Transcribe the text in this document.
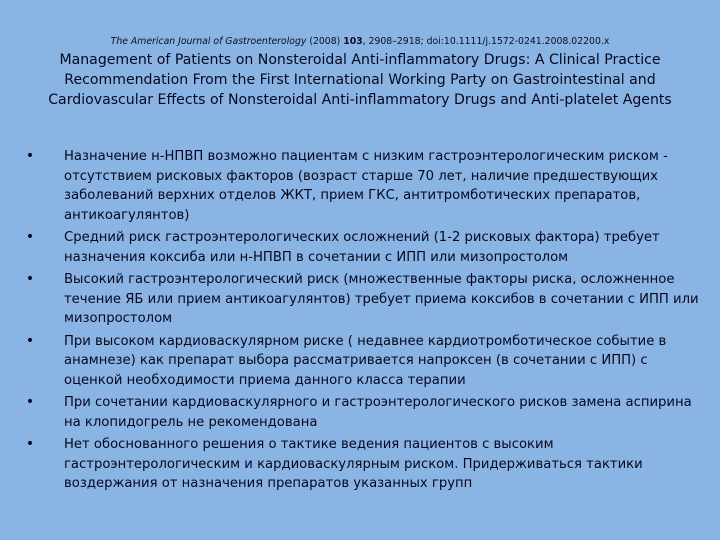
The American Journal of Gastroenterology (2008) 103, 2908–2918; doi:10.1111/j.1572-0241.2008.02200.x
Management of Patients on Nonsteroidal Anti-inflammatory Drugs: A Clinical Practice Recommendation From the First International Working Party on Gastrointestinal and Cardiovascular Effects of Nonsteroidal Anti-inflammatory Drugs and Anti-platelet Agents
• Назначение н-НПВП возможно пациентам с низким гастроэнтерологическим риском - отсутствием рисковых факторов (возраст старше 70 лет, наличие предшествующих заболеваний верхних отделов ЖКТ, прием ГКС, антитромботических препаратов, антикоагулянтов)
• Средний риск гастроэнтерологических осложнений (1-2 рисковых фактора) требует назначения коксиба или н-НПВП в сочетании с ИПП или мизопростолом
• Высокий гастроэнтерологический риск (множественные факторы риска, осложненное течение ЯБ или прием антикоагулянтов) требует приема коксибов в сочетании с ИПП или мизопростолом
• При высоком кардиоваскулярном риске ( недавнее кардиотромботическое событие в анамнезе) как препарат выбора рассматривается напроксен (в сочетании с ИПП) с оценкой необходимости приема данного класса терапии
• При сочетании кардиоваскулярного и гастроэнтерологического рисков замена аспирина на клопидогрель не рекомендована
• Нет обоснованного решения о тактике ведения пациентов с высоким гастроэнтерологическим и кардиоваскулярным риском. Придерживаться тактики воздержания от назначения препаратов указанных групп
